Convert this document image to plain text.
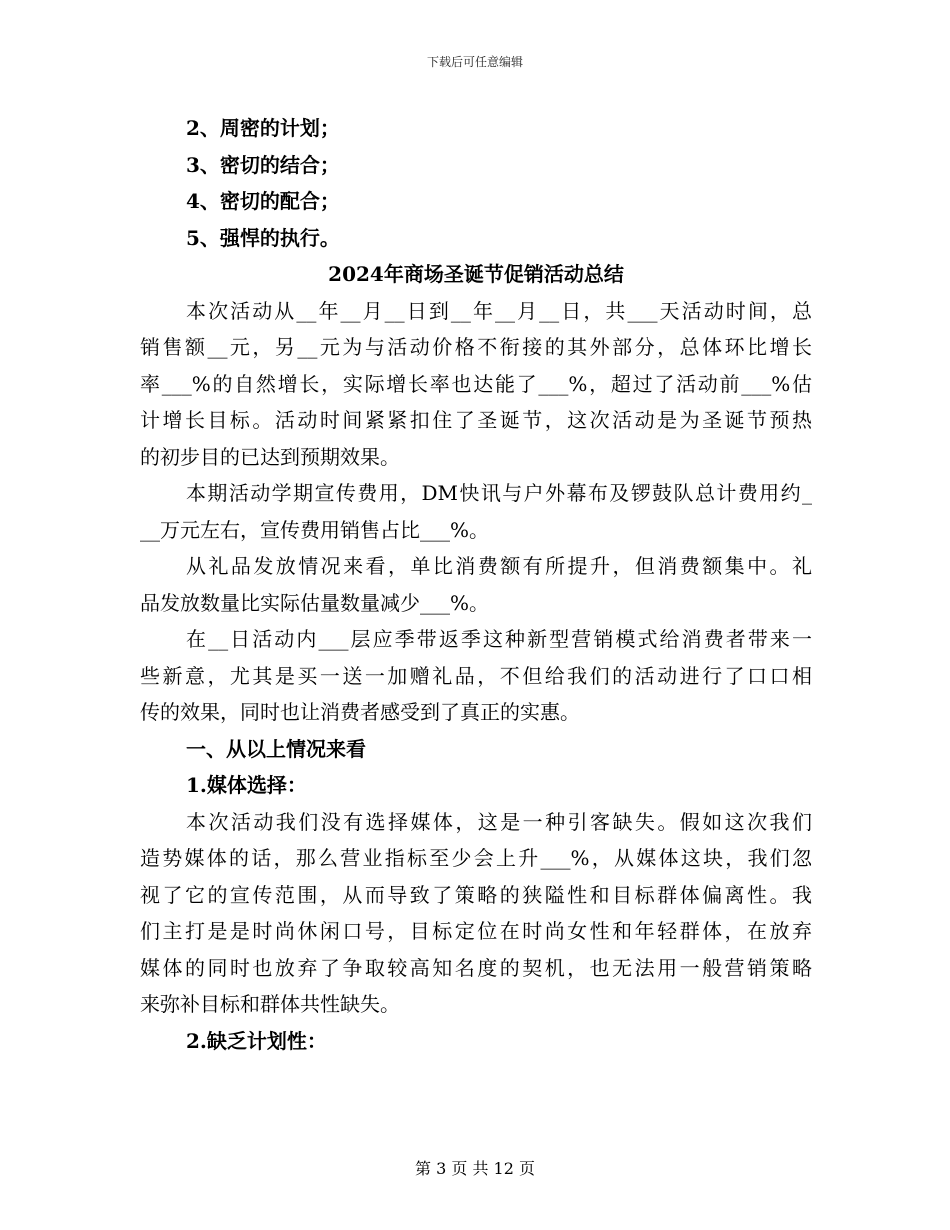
下载后可任意编辑
2、周密的计划；
3、密切的结合；
4、密切的配合；
5、强悍的执行。
2024年商场圣诞节促销活动总结
本次活动从__年__月__日到__年__月__日，共___天活动时间，总
销售额__元，另__元为与活动价格不衔接的其外部分，总体环比增长
率___%的自然增长，实际增长率也达能了___%，超过了活动前___%估
计增长目标。活动时间紧紧扣住了圣诞节，这次活动是为圣诞节预热
的初步目的已达到预期效果。
本期活动学期宣传费用，DM快讯与户外幕布及锣鼓队总计费用约_
__万元左右，宣传费用销售占比___%。
从礼品发放情况来看，单比消费额有所提升，但消费额集中。礼
品发放数量比实际估量数量减少___%。
在__日活动内___层应季带返季这种新型营销模式给消费者带来一
些新意，尤其是买一送一加赠礼品，不但给我们的活动进行了口口相
传的效果，同时也让消费者感受到了真正的实惠。
一、从以上情况来看
1.媒体选择：
本次活动我们没有选择媒体，这是一种引客缺失。假如这次我们
造势媒体的话，那么营业指标至少会上升___%，从媒体这块，我们忽
视了它的宣传范围，从而导致了策略的狭隘性和目标群体偏离性。我
们主打是是时尚休闲口号，目标定位在时尚女性和年轻群体，在放弃
媒体的同时也放弃了争取较高知名度的契机，也无法用一般营销策略
来弥补目标和群体共性缺失。
2.缺乏计划性：
第 3 页 共 12 页
